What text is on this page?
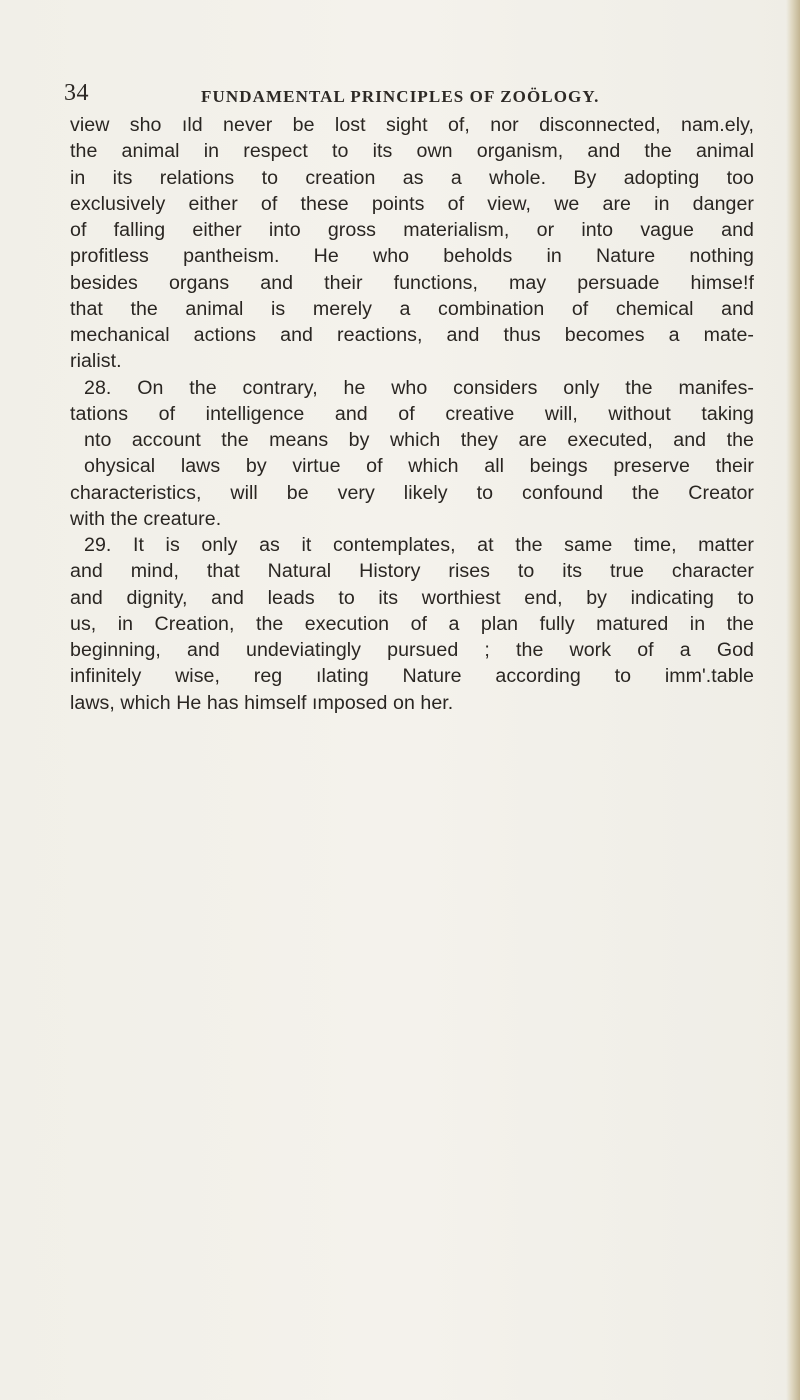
34	FUNDAMENTAL PRINCIPLES OF ZOÖLOGY.
view sho ıld never be lost sight of, nor disconnected, nam.ely,
the animal in respect to its own organism, and the animal
in its relations to creation as a whole. By adopting too
exclusively either of these points of view, we are in danger
of falling either into gross materialism, or into vague and
profitless pantheism. He who beholds in Nature nothing
besides organs and their functions, may persuade himse!f
that the animal is merely a combination of chemical and
mechanical actions and reactions, and thus becomes a mate-
rialist.
28. On the contrary, he who considers only the manifes-
tations of intelligence and of creative will, without taking
nto account the means by which they are executed, and the
ohysical laws by virtue of which all beings preserve their
characteristics, will be very likely to confound the Creator
with the creature.
29. It is only as it contemplates, at the same time, matter
and mind, that Natural History rises to its true character
and dignity, and leads to its worthiest end, by indicating to
us, in Creation, the execution of a plan fully matured in the
beginning, and undeviatingly pursued ; the work of a God
infinitely wise, reg ılating Nature according to imm'.table
laws, which He has himself ımposed on her.
